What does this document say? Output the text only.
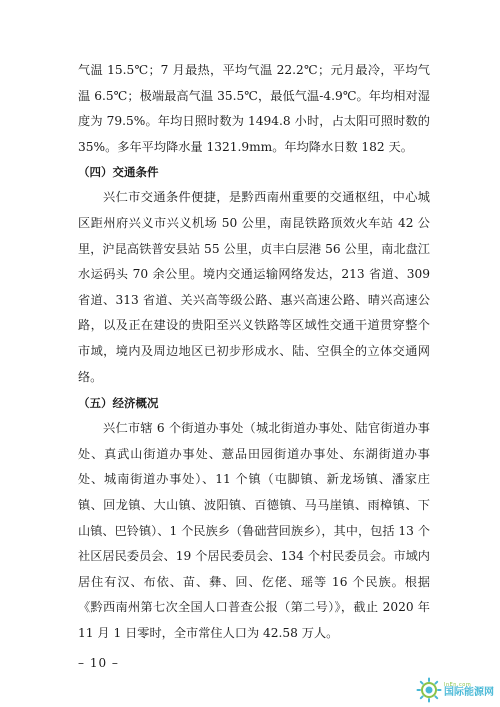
气温 15.5℃；7 月最热，平均气温 22.2℃；元月最冷，平均气温 6.5℃；极端最高气温 35.5℃，最低气温-4.9℃。年均相对湿度为 79.5%。年均日照时数为 1494.8 小时，占太阳可照时数的 35%。多年平均降水量 1321.9mm。年均降水日数 182 天。

（四）交通条件

兴仁市交通条件便捷，是黔西南州重要的交通枢纽，中心城区距州府兴义市兴义机场 50 公里，南昆铁路顶效火车站 42 公里，沪昆高铁普安县站 55 公里，贞丰白层港 56 公里，南北盘江水运码头 70 余公里。境内交通运输网络发达，213 省道、309 省道、313 省道、关兴高等级公路、惠兴高速公路、晴兴高速公路，以及正在建设的贵阳至兴义铁路等区域性交通干道贯穿整个市域，境内及周边地区已初步形成水、陆、空俱全的立体交通网络。

（五）经济概况

兴仁市辖 6 个街道办事处（城北街道办事处、陆官街道办事处、真武山街道办事处、薏品田园街道办事处、东湖街道办事处、城南街道办事处）、11 个镇（屯脚镇、新龙场镇、潘家庄镇、回龙镇、大山镇、波阳镇、百德镇、马马崖镇、雨樟镇、下山镇、巴铃镇）、1 个民族乡（鲁础营回族乡），其中，包括 13 个社区居民委员会、19 个居民委员会、134 个村民委员会。市域内居住有汉、布依、苗、彝、回、仡佬、瑶等 16 个民族。根据《黔西南州第七次全国人口普查公报（第二号）》，截止 2020 年 11 月 1 日零时，全市常住人口为 42.58 万人。

– 10 –
InEn.com
国际能源网
